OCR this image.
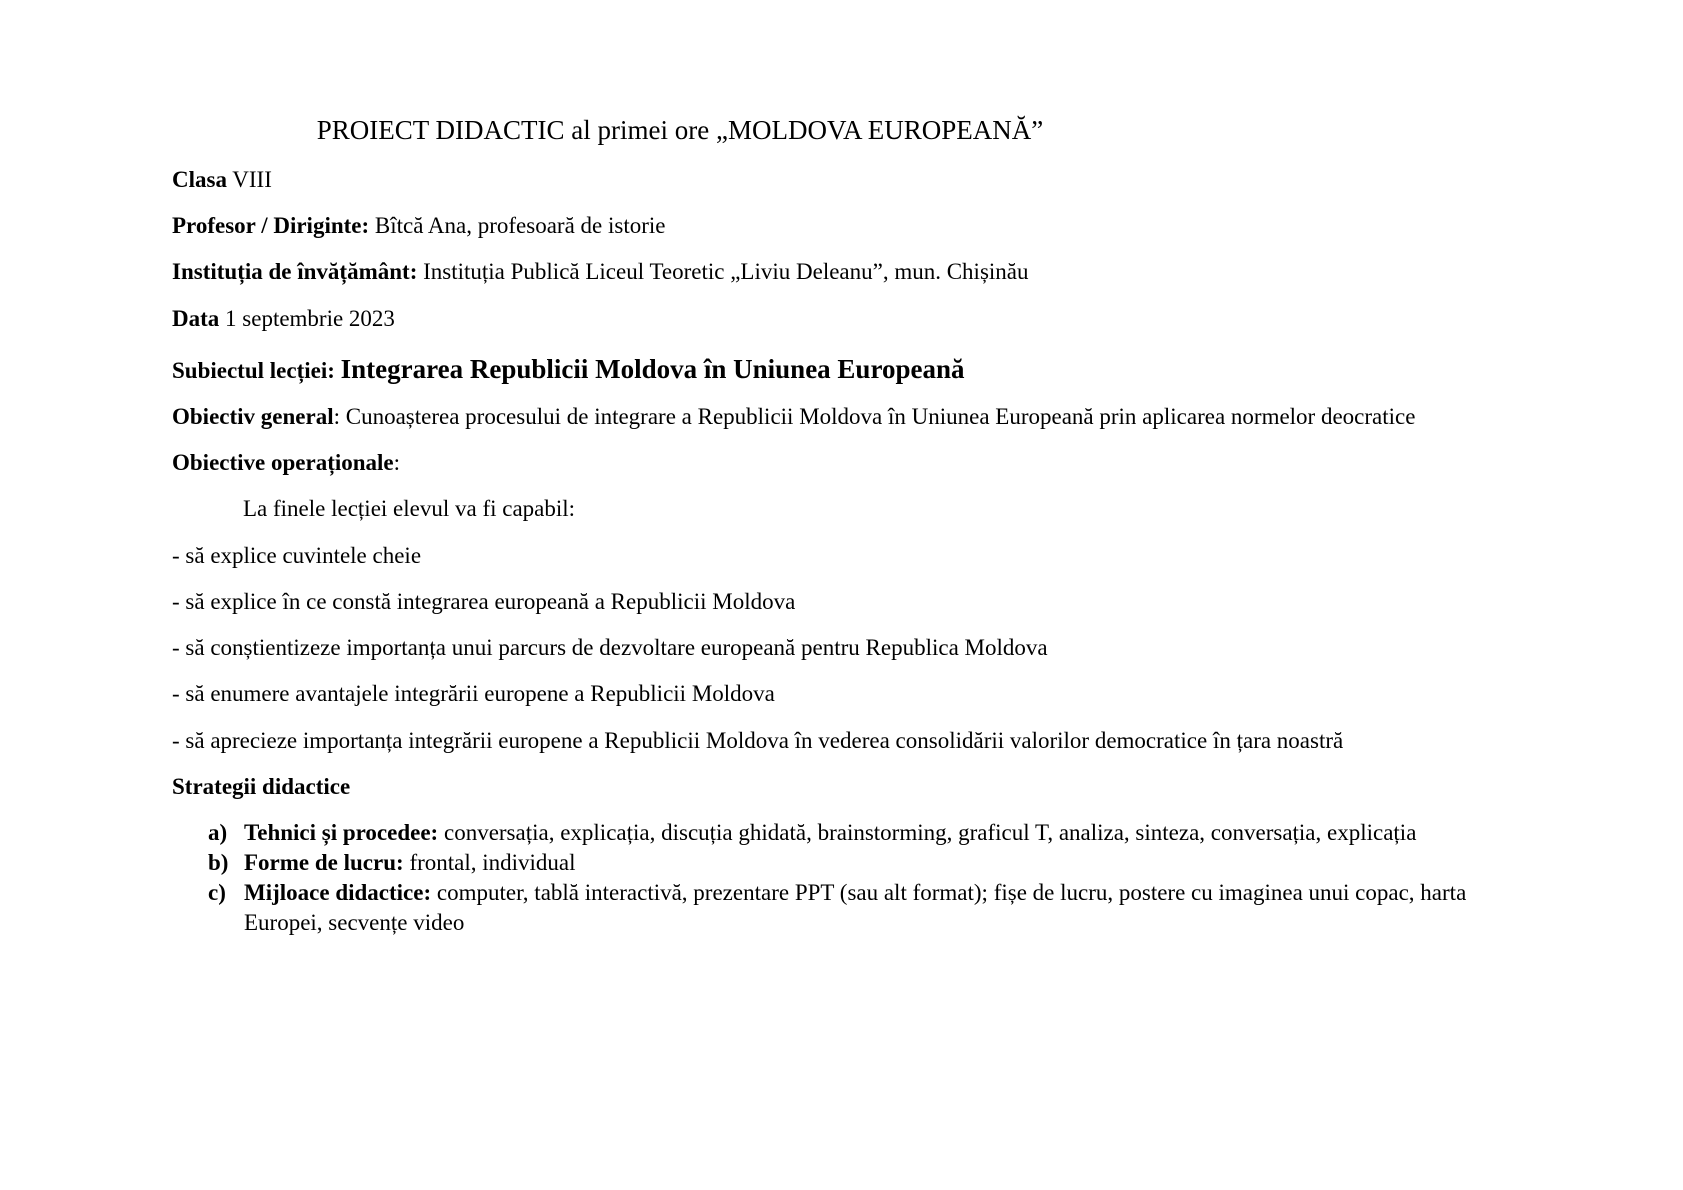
PROIECT DIDACTIC al primei ore „MOLDOVA EUROPEANĂ”
Clasa VIII
Profesor / Diriginte: Bîtcă Ana, profesoară de istorie
Instituția de învățământ: Instituția Publică Liceul Teoretic „Liviu Deleanu”, mun. Chișinău
Data 1 septembrie 2023
Subiectul lecției: Integrarea Republicii Moldova în Uniunea Europeană
Obiectiv general: Cunoașterea procesului de integrare a Republicii Moldova în Uniunea Europeană prin aplicarea normelor deocratice
Obiective operaționale:
La finele lecției elevul va fi capabil:
- să explice cuvintele cheie
- să explice în ce constă integrarea europeană a Republicii Moldova
- să conștientizeze importanța unui parcurs de dezvoltare europeană pentru Republica Moldova
- să enumere avantajele integrării europene a Republicii Moldova
- să aprecieze importanța integrării europene a Republicii Moldova în vederea consolidării valorilor democratice în țara noastră
Strategii didactice
a) Tehnici și procedee: conversația, explicația, discuția ghidată, brainstorming, graficul T, analiza, sinteza, conversația, explicația
b) Forme de lucru: frontal, individual
c) Mijloace didactice: computer, tablă interactivă, prezentare PPT (sau alt format); fișe de lucru, postere cu imaginea unui copac, harta Europei, secvențe video
